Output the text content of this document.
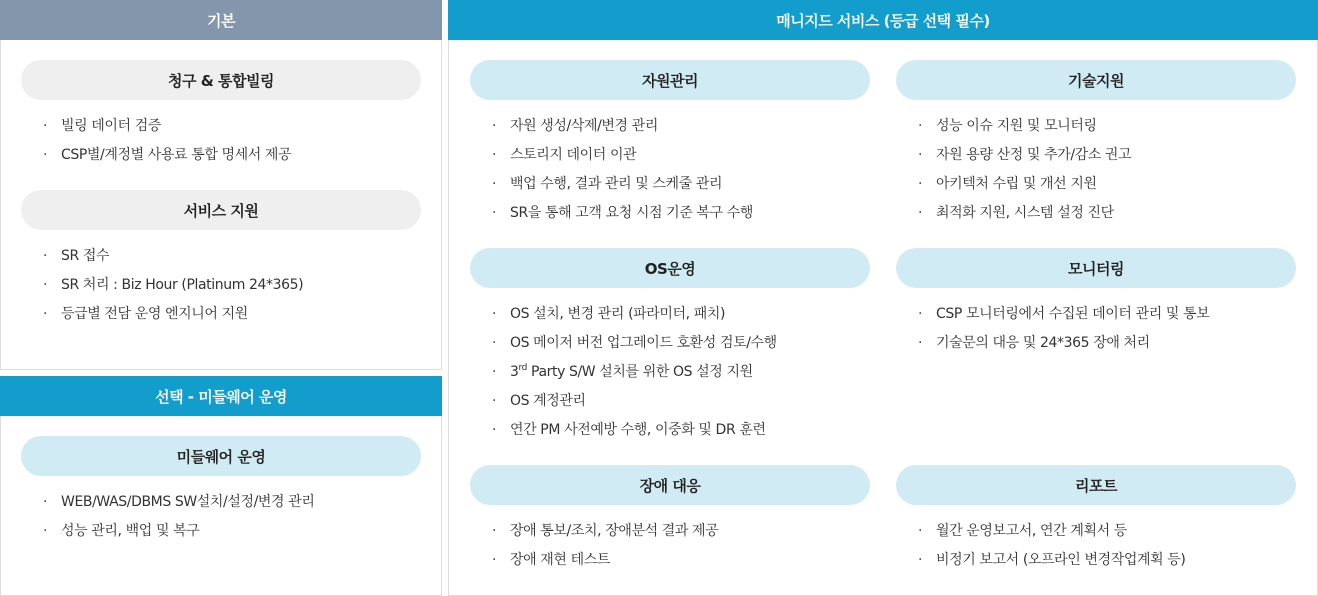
기본
청구 & 통합빌링
· 빌링 데이터 검증
· CSP별/계정별 사용료 통합 명세서 제공
서비스 지원
· SR 접수
· SR 처리 : Biz Hour (Platinum 24*365)
· 등급별 전담 운영 엔지니어 지원
선택 - 미들웨어 운영
미들웨어 운영
· WEB/WAS/DBMS SW설치/설정/변경 관리
· 성능 관리, 백업 및 복구
매니지드 서비스 (등급 선택 필수)
자원관리
· 자원 생성/삭제/변경 관리
· 스토리지 데이터 이관
· 백업 수행, 결과 관리 및 스케줄 관리
· SR을 통해 고객 요청 시점 기준 복구 수행
기술지원
· 성능 이슈 지원 및 모니터링
· 자원 용량 산정 및 추가/감소 권고
· 아키텍처 수립 및 개선 지원
· 최적화 지원, 시스템 설정 진단
OS운영
· OS 설치, 변경 관리 (파라미터, 패치)
· OS 메이저 버전 업그레이드 호환성 검토/수행
· 3rd Party S/W 설치를 위한 OS 설정 지원
· OS 계정관리
· 연간 PM 사전예방 수행, 이중화 및 DR 훈련
모니터링
· CSP 모니터링에서 수집된 데이터 관리 및 통보
· 기술문의 대응 및 24*365 장애 처리
장애 대응
· 장애 통보/조치, 장애분석 결과 제공
· 장애 재현 테스트
리포트
· 월간 운영보고서, 연간 계획서 등
· 비정기 보고서 (오프라인 변경작업계획 등)
